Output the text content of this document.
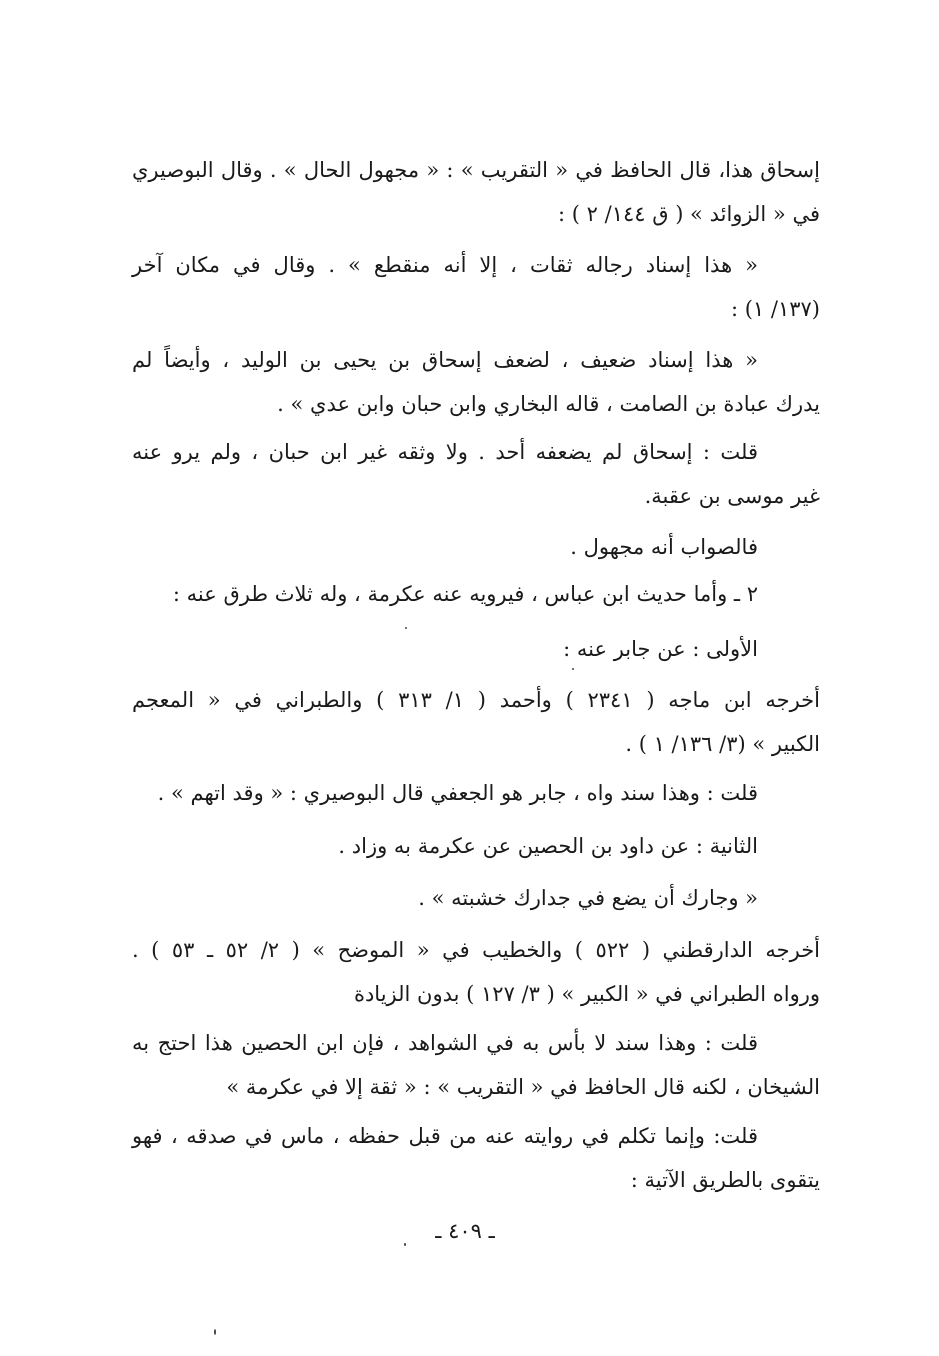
إسحاق هذا، قال الحافظ في « التقريب » : « مجهول الحال » . وقال البوصيري
في « الزوائد » ( ق ١٤٤/ ٢ ) :
« هذا إسناد رجاله ثقات ، إلا أنه منقطع » . وقال في مكان آخر
(١٣٧/ ١) :
« هذا إسناد ضعيف ، لضعف إسحاق بن يحيى بن الوليد ، وأيضاً لم
يدرك عبادة بن الصامت ، قاله البخاري وابن حبان وابن عدي » .
قلت : إسحاق لم يضعفه أحد . ولا وثقه غير ابن حبان ، ولم يرو عنه
غير موسى بن عقبة.
فالصواب أنه مجهول .
٢ ـ وأما حديث ابن عباس ، فيرويه عنه عكرمة ، وله ثلاث طرق عنه :
الأولى : عن جابر عنه :
أخرجه ابن ماجه ( ٢٣٤١ ) وأحمد ( ١/ ٣١٣ ) والطبراني في « المعجم
الكبير » (٣/ ١٣٦/ ١ ) .
قلت : وهذا سند واه ، جابر هو الجعفي قال البوصيري : « وقد اتهم » .
الثانية : عن داود بن الحصين عن عكرمة به وزاد .
« وجارك أن يضع في جدارك خشبته » .
أخرجه الدارقطني ( ٥٢٢ ) والخطيب في « الموضح » ( ٢/ ٥٢ ـ ٥٣ ) .
ورواه الطبراني في « الكبير » ( ٣/ ١٢٧ ) بدون الزيادة
قلت : وهذا سند لا بأس به في الشواهد ، فإن ابن الحصين هذا احتج به
الشيخان ، لكنه قال الحافظ في « التقريب » : « ثقة إلا في عكرمة »
قلت: وإنما تكلم في روايته عنه من قبل حفظه ، ماس في صدقه ، فهو
يتقوى بالطريق الآتية :
ـ ٤٠٩ ـ
